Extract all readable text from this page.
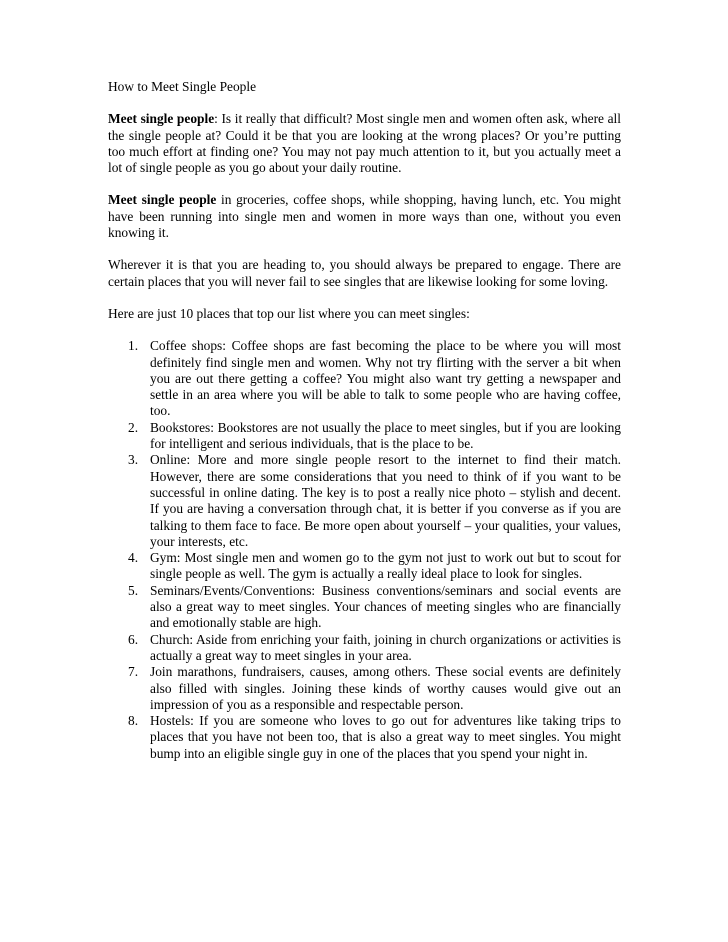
How to Meet Single People

Meet single people: Is it really that difficult? Most single men and women often ask, where all the single people at? Could it be that you are looking at the wrong places? Or you’re putting too much effort at finding one? You may not pay much attention to it, but you actually meet a lot of single people as you go about your daily routine.

Meet single people in groceries, coffee shops, while shopping, having lunch, etc. You might have been running into single men and women in more ways than one, without you even knowing it.

Wherever it is that you are heading to, you should always be prepared to engage. There are certain places that you will never fail to see singles that are likewise looking for some loving.

Here are just 10 places that top our list where you can meet singles:

1. Coffee shops: Coffee shops are fast becoming the place to be where you will most definitely find single men and women. Why not try flirting with the server a bit when you are out there getting a coffee? You might also want try getting a newspaper and settle in an area where you will be able to talk to some people who are having coffee, too.
2. Bookstores: Bookstores are not usually the place to meet singles, but if you are looking for intelligent and serious individuals, that is the place to be.
3. Online: More and more single people resort to the internet to find their match. However, there are some considerations that you need to think of if you want to be successful in online dating. The key is to post a really nice photo – stylish and decent. If you are having a conversation through chat, it is better if you converse as if you are talking to them face to face. Be more open about yourself – your qualities, your values, your interests, etc.
4. Gym: Most single men and women go to the gym not just to work out but to scout for single people as well. The gym is actually a really ideal place to look for singles.
5. Seminars/Events/Conventions: Business conventions/seminars and social events are also a great way to meet singles. Your chances of meeting singles who are financially and emotionally stable are high.
6. Church: Aside from enriching your faith, joining in church organizations or activities is actually a great way to meet singles in your area.
7. Join marathons, fundraisers, causes, among others. These social events are definitely also filled with singles. Joining these kinds of worthy causes would give out an impression of you as a responsible and respectable person.
8. Hostels: If you are someone who loves to go out for adventures like taking trips to places that you have not been too, that is also a great way to meet singles. You might bump into an eligible single guy in one of the places that you spend your night in.
